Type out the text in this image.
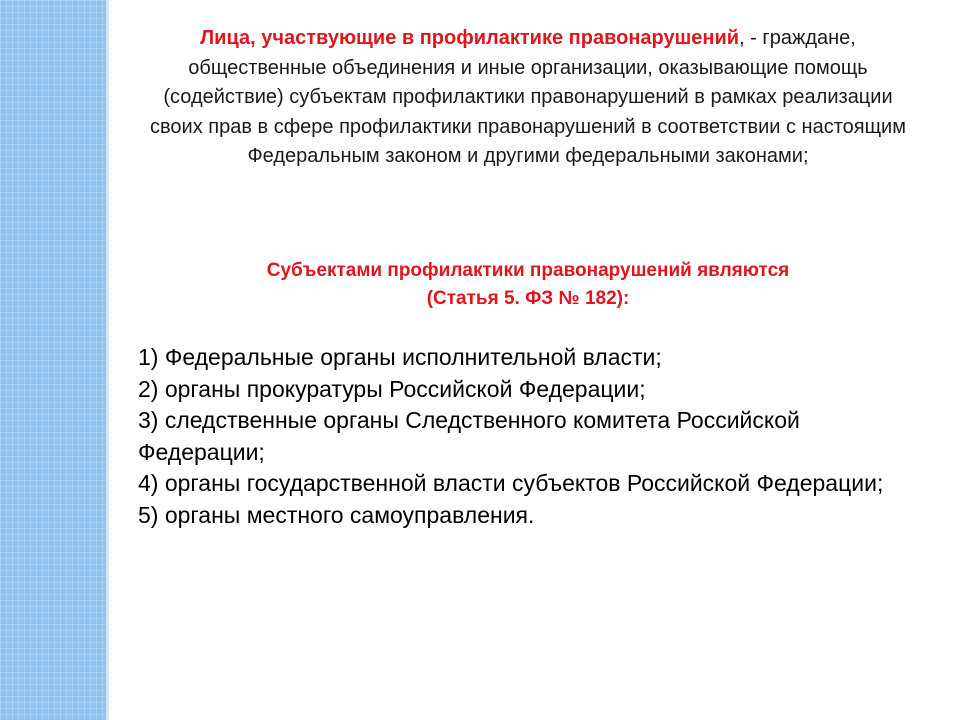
Лица, участвующие в профилактике правонарушений, - граждане, общественные объединения и иные организации, оказывающие помощь (содействие) субъектам профилактики правонарушений в рамках реализации своих прав в сфере профилактики правонарушений в соответствии с настоящим Федеральным законом и другими федеральными законами;
Субъектами профилактики правонарушений являются
(Статья 5. ФЗ № 182):
1) Федеральные органы исполнительной власти;
2) органы прокуратуры Российской Федерации;
3) следственные органы Следственного комитета Российской Федерации;
4) органы государственной власти субъектов Российской Федерации;
5) органы местного самоуправления.
